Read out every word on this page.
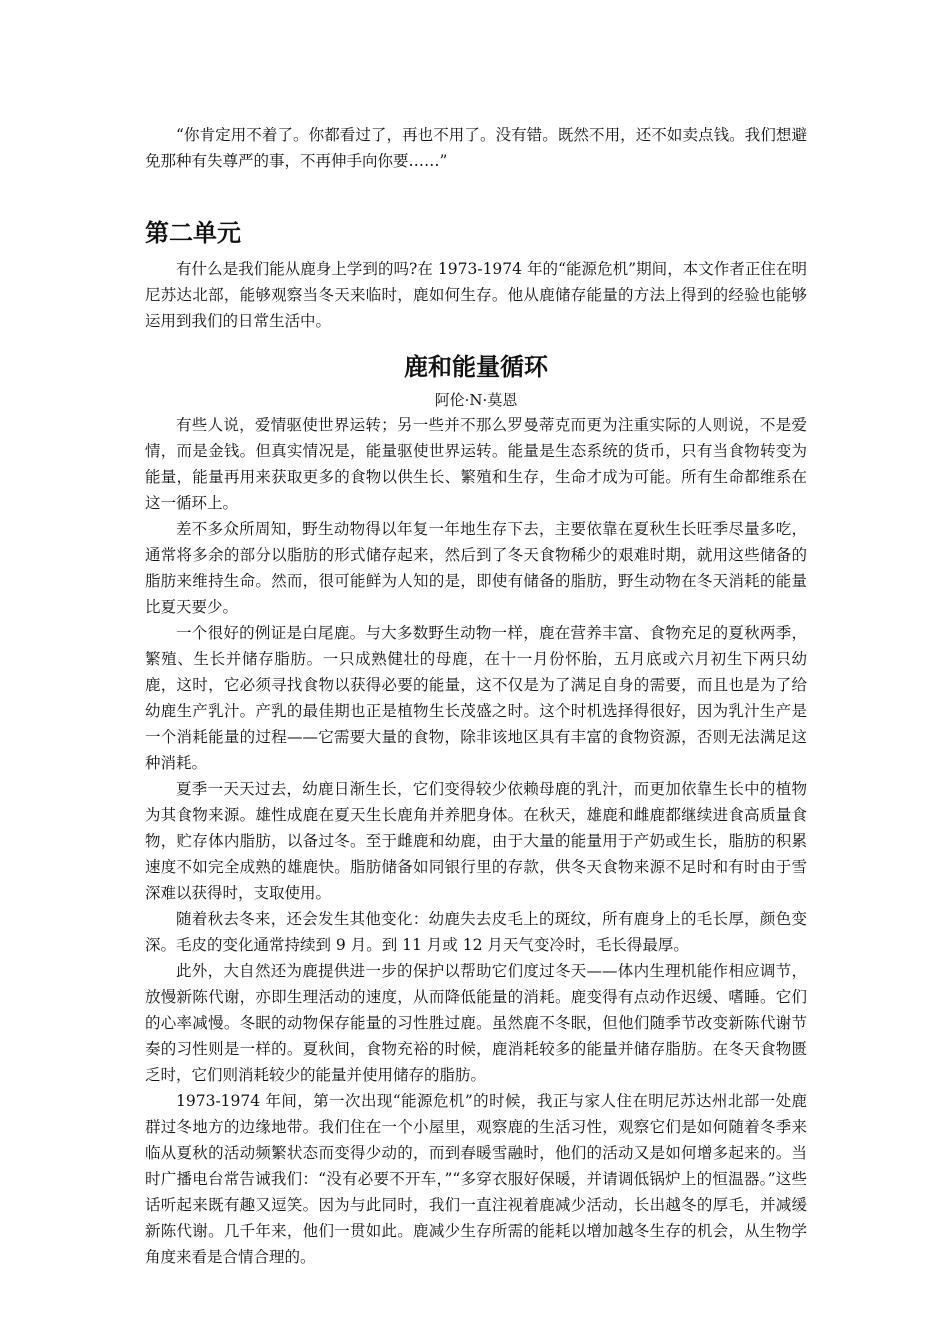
“你肯定用不着了。你都看过了，再也不用了。没有错。既然不用，还不如卖点钱。我们想避免那种有失尊严的事，不再伸手向你要……”

第二单元

有什么是我们能从鹿身上学到的吗?在 1973-1974 年的“能源危机”期间，本文作者正住在明尼苏达北部，能够观察当冬天来临时，鹿如何生存。他从鹿储存能量的方法上得到的经验也能够运用到我们的日常生活中。

鹿和能量循环
阿伦·N·莫恩

有些人说，爱情驱使世界运转；另一些并不那么罗曼蒂克而更为注重实际的人则说，不是爱情，而是金钱。但真实情况是，能量驱使世界运转。能量是生态系统的货币，只有当食物转变为能量，能量再用来获取更多的食物以供生长、繁殖和生存，生命才成为可能。所有生命都维系在这一循环上。

差不多众所周知，野生动物得以年复一年地生存下去，主要依靠在夏秋生长旺季尽量多吃，通常将多余的部分以脂肪的形式储存起来，然后到了冬天食物稀少的艰难时期，就用这些储备的脂肪来维持生命。然而，很可能鲜为人知的是，即使有储备的脂肪，野生动物在冬天消耗的能量比夏天要少。

一个很好的例证是白尾鹿。与大多数野生动物一样，鹿在营养丰富、食物充足的夏秋两季，繁殖、生长并储存脂肪。一只成熟健壮的母鹿，在十一月份怀胎，五月底或六月初生下两只幼鹿，这时，它必须寻找食物以获得必要的能量，这不仅是为了满足自身的需要，而且也是为了给幼鹿生产乳汁。产乳的最佳期也正是植物生长茂盛之时。这个时机选择得很好，因为乳汁生产是一个消耗能量的过程——它需要大量的食物，除非该地区具有丰富的食物资源，否则无法满足这种消耗。

夏季一天天过去，幼鹿日渐生长，它们变得较少依赖母鹿的乳汁，而更加依靠生长中的植物为其食物来源。雄性成鹿在夏天生长鹿角并养肥身体。在秋天，雄鹿和雌鹿都继续进食高质量食物，贮存体内脂肪，以备过冬。至于雌鹿和幼鹿，由于大量的能量用于产奶或生长，脂肪的积累速度不如完全成熟的雄鹿快。脂肪储备如同银行里的存款，供冬天食物来源不足时和有时由于雪深难以获得时，支取使用。

随着秋去冬来，还会发生其他变化：幼鹿失去皮毛上的斑纹，所有鹿身上的毛长厚，颜色变深。毛皮的变化通常持续到 9 月。到 11 月或 12 月天气变冷时，毛长得最厚。

此外，大自然还为鹿提供进一步的保护以帮助它们度过冬天——体内生理机能作相应调节，放慢新陈代谢，亦即生理活动的速度，从而降低能量的消耗。鹿变得有点动作迟缓、嗜睡。它们的心率减慢。冬眠的动物保存能量的习性胜过鹿。虽然鹿不冬眠，但他们随季节改变新陈代谢节奏的习性则是一样的。夏秋间，食物充裕的时候，鹿消耗较多的能量并储存脂肪。在冬天食物匮乏时，它们则消耗较少的能量并使用储存的脂肪。

1973-1974 年间，第一次出现“能源危机”的时候，我正与家人住在明尼苏达州北部一处鹿群过冬地方的边缘地带。我们住在一个小屋里，观察鹿的生活习性，观察它们是如何随着冬季来临从夏秋的活动频繁状态而变得少动的，而到春暖雪融时，他们的活动又是如何增多起来的。当时广播电台常告诫我们：“没有必要不开车，”“多穿衣服好保暖，并请调低锅炉上的恒温器。”这些话听起来既有趣又逗笑。因为与此同时，我们一直注视着鹿减少活动，长出越冬的厚毛，并减缓新陈代谢。几千年来，他们一贯如此。鹿减少生存所需的能耗以增加越冬生存的机会，从生物学角度来看是合情合理的。
